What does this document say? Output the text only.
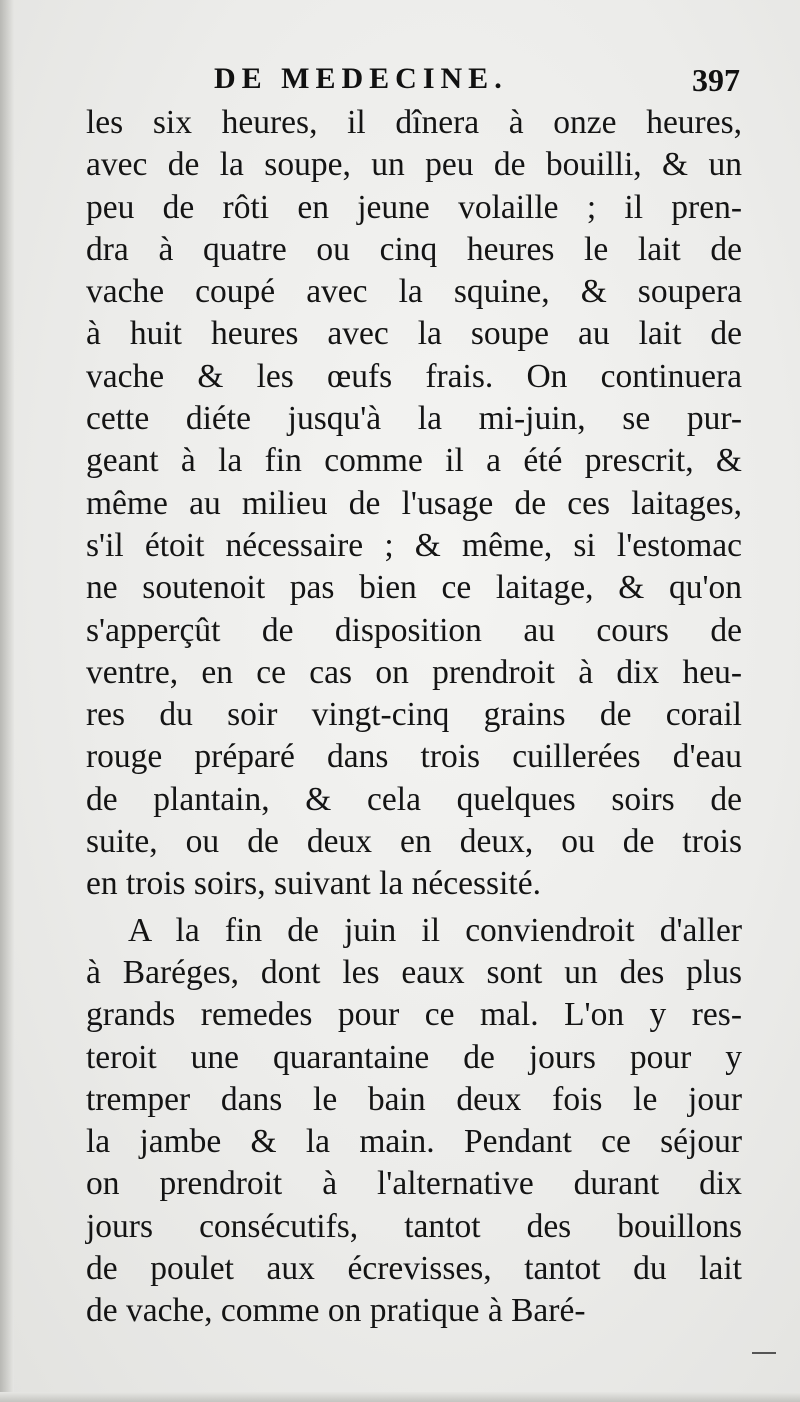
DE MEDECINE.	397
les six heures, il dînera à onze heures,
avec de la soupe, un peu de bouilli, & un
peu de rôti en jeune volaille ; il pren-
dra à quatre ou cinq heures le lait de
vache coupé avec la squine, & soupera
à huit heures avec la soupe au lait de
vache & les œufs frais. On continuera
cette diéte jusqu'à la mi-juin, se pur-
geant à la fin comme il a été prescrit, &
même au milieu de l'usage de ces laitages,
s'il étoit nécessaire ; & même, si l'estomac
ne soutenoit pas bien ce laitage, & qu'on
s'apperçût de disposition au cours de
ventre, en ce cas on prendroit à dix heu-
res du soir vingt-cinq grains de corail
rouge préparé dans trois cuillerées d'eau
de plantain, & cela quelques soirs de
suite, ou de deux en deux, ou de trois
en trois soirs, suivant la nécessité.
A la fin de juin il conviendroit d'aller
à Baréges, dont les eaux sont un des plus
grands remedes pour ce mal. L'on y res-
teroit une quarantaine de jours pour y
tremper dans le bain deux fois le jour
la jambe & la main. Pendant ce séjour
on prendroit à l'alternative durant dix
jours consécutifs, tantot des bouillons
de poulet aux écrevisses, tantot du lait
de vache, comme on pratique à Baré-
